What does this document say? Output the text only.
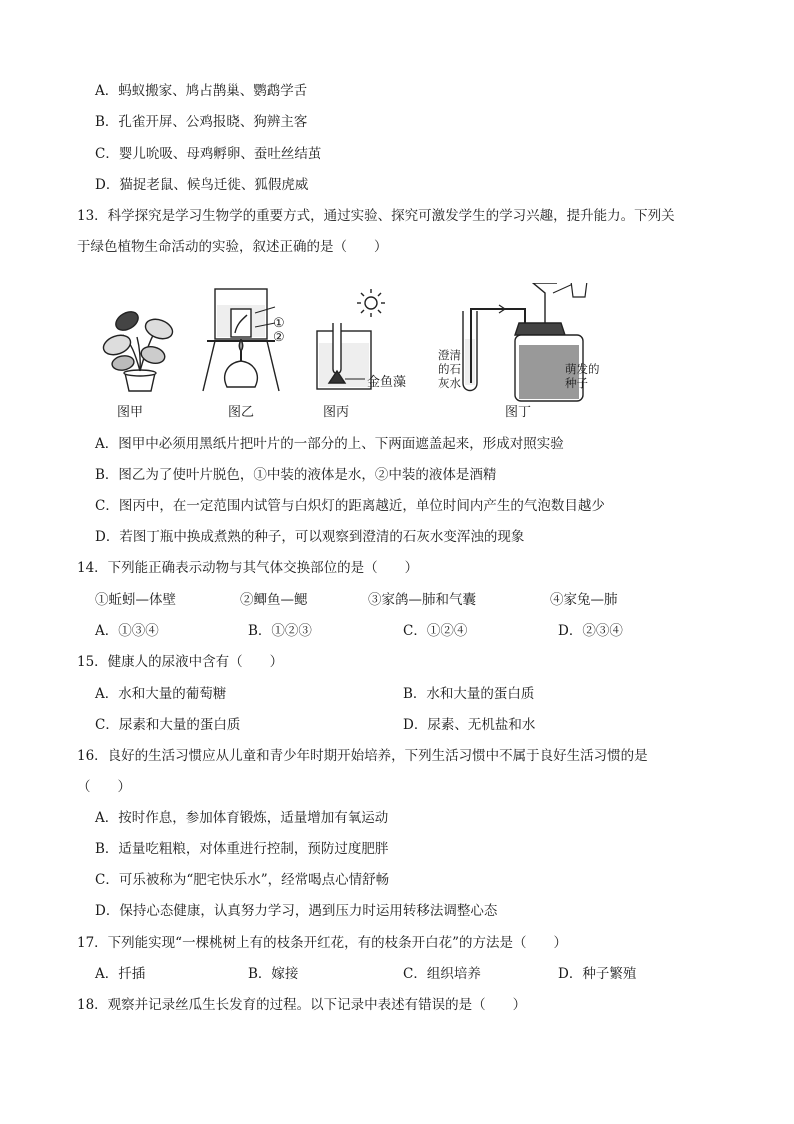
A．蚂蚁搬家、鸠占鹊巢、鹦鹉学舌
B．孔雀开屏、公鸡报晓、狗辨主客
C．婴儿吮吸、母鸡孵卵、蚕吐丝结茧
D．猫捉老鼠、候鸟迁徙、狐假虎威
13．科学探究是学习生物学的重要方式，通过实验、探究可激发学生的学习兴趣，提升能力。下列关
于绿色植物生命活动的实验，叙述正确的是（　　）
①
②
金鱼藻
澄清
的石
灰水
萌发的
种子
图甲	图乙	图丙	图丁
A．图甲中必须用黑纸片把叶片的一部分的上、下两面遮盖起来，形成对照实验
B．图乙为了使叶片脱色，①中装的液体是水，②中装的液体是酒精
C．图丙中，在一定范围内试管与白炽灯的距离越近，单位时间内产生的气泡数目越少
D．若图丁瓶中换成煮熟的种子，可以观察到澄清的石灰水变浑浊的现象
14．下列能正确表示动物与其气体交换部位的是（　　）
①蚯蚓—体壁	②鲫鱼—鳃	③家鸽—肺和气囊	④家兔—肺
A．①③④	B．①②③	C．①②④	D．②③④
15．健康人的尿液中含有（　　）
A．水和大量的葡萄糖	B．水和大量的蛋白质
C．尿素和大量的蛋白质	D．尿素、无机盐和水
16．良好的生活习惯应从儿童和青少年时期开始培养，下列生活习惯中不属于良好生活习惯的是
（　　）
A．按时作息，参加体育锻炼，适量增加有氧运动
B．适量吃粗粮，对体重进行控制，预防过度肥胖
C．可乐被称为“肥宅快乐水”，经常喝点心情舒畅
D．保持心态健康，认真努力学习，遇到压力时运用转移法调整心态
17．下列能实现“一棵桃树上有的枝条开红花，有的枝条开白花”的方法是（　　）
A．扦插	B．嫁接	C．组织培养	D．种子繁殖
18．观察并记录丝瓜生长发育的过程。以下记录中表述有错误的是（　　）
